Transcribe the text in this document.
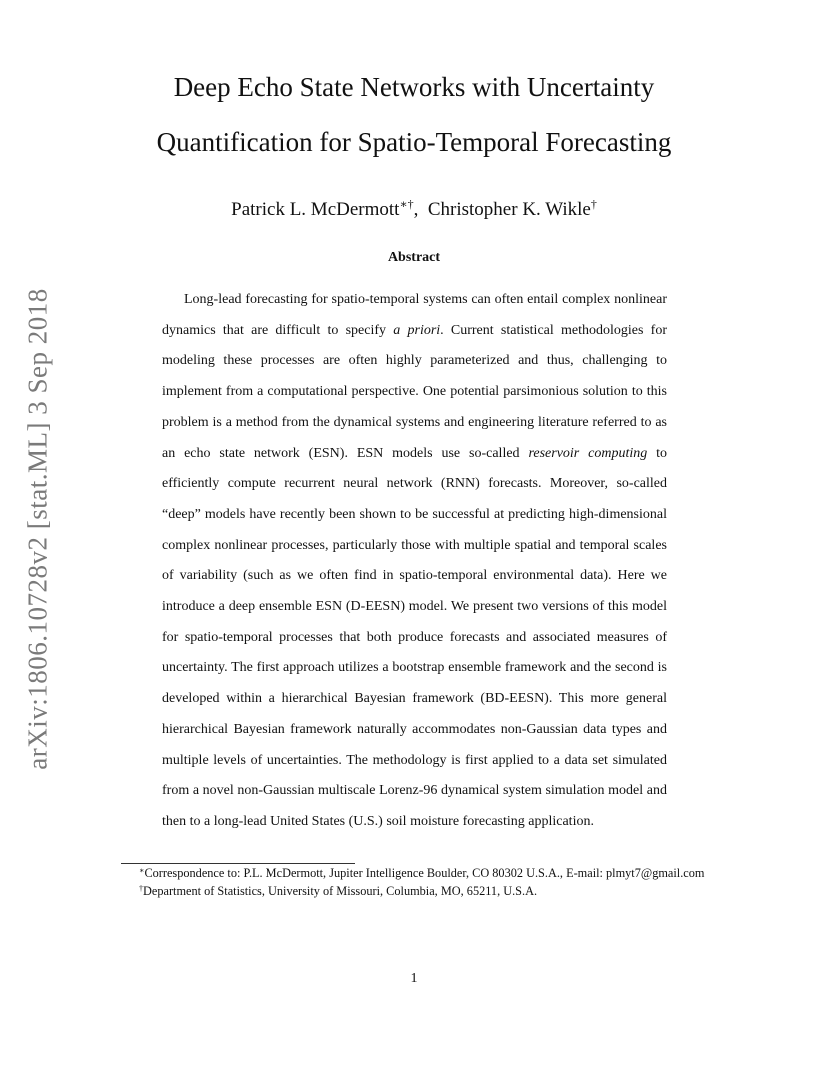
arXiv:1806.10728v2 [stat.ML] 3 Sep 2018
Deep Echo State Networks with Uncertainty
Quantification for Spatio-Temporal Forecasting
Patrick L. McDermott∗†,  Christopher K. Wikle†
Abstract

Long-lead forecasting for spatio-temporal systems can often entail complex nonlinear dynamics that are difficult to specify a priori. Current statistical methodologies for modeling these processes are often highly parameterized and thus, challenging to implement from a computational perspective. One potential parsimonious solution to this problem is a method from the dynamical systems and engineering literature referred to as an echo state network (ESN). ESN models use so-called reservoir computing to efficiently compute recurrent neural network (RNN) forecasts. Moreover, so-called “deep” models have recently been shown to be successful at predicting high-dimensional complex nonlinear processes, particularly those with multiple spatial and temporal scales of variability (such as we often find in spatio-temporal environmental data). Here we introduce a deep ensemble ESN (D-EESN) model. We present two versions of this model for spatio-temporal processes that both produce forecasts and associated measures of uncertainty. The first approach utilizes a bootstrap ensemble framework and the second is developed within a hierarchical Bayesian framework (BD-EESN). This more general hierarchical Bayesian framework naturally accommodates non-Gaussian data types and multiple levels of uncertainties. The methodology is first applied to a data set simulated from a novel non-Gaussian multiscale Lorenz-96 dynamical system simulation model and then to a long-lead United States (U.S.) soil moisture forecasting application.

∗Correspondence to: P.L. McDermott, Jupiter Intelligence Boulder, CO 80302 U.S.A., E-mail: plmyt7@gmail.com

†Department of Statistics, University of Missouri, Columbia, MO, 65211, U.S.A.

1
